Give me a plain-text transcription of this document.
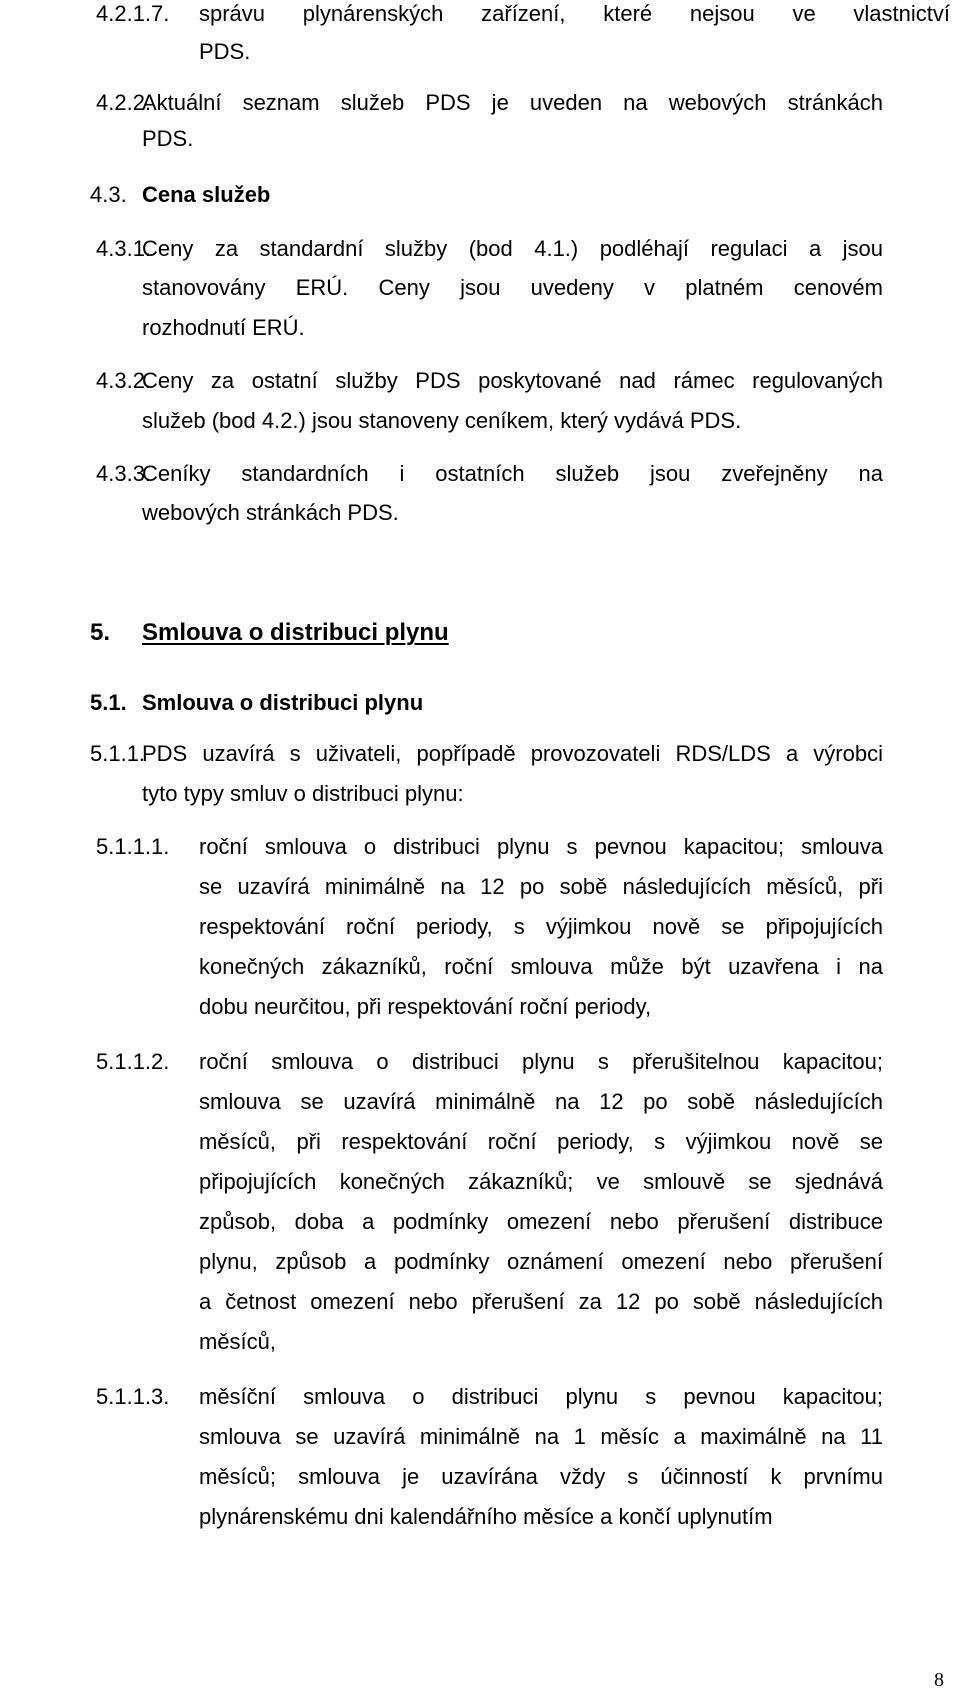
5. Smlouva o distribuci plynu
5.1. Smlouva o distribuci plynu
8
4.2.1.7. správu plynárenských zařízení, které nejsou ve vlastnictví
PDS.
4.2.2.
Aktuální seznam služeb PDS je uveden na webových stránkách
PDS.
4.3. Cena služeb
4.3.1.
Ceny za standardní služby (bod 4.1.) podléhají regulaci a jsou
stanovovány ERÚ. Ceny jsou uvedeny v platném cenovém
rozhodnutí ERÚ.
4.3.2.
Ceny za ostatní služby PDS poskytované nad rámec regulovaných
služeb (bod 4.2.) jsou stanoveny ceníkem, který vydává PDS.
4.3.3.
Ceníky standardních i ostatních služeb jsou zveřejněny na
webových stránkách PDS.
5.1.1.
PDS uzavírá s uživateli, popřípadě provozovateli RDS/LDS a výrobci
tyto typy smluv o distribuci plynu:
5.1.1.1. roční smlouva o distribuci plynu s pevnou kapacitou; smlouva
se uzavírá minimálně na 12 po sobě následujících měsíců, při
respektování roční periody, s výjimkou nově se připojujících
konečných zákazníků, roční smlouva může být uzavřena i na
dobu neurčitou, při respektování roční periody,
5.1.1.2. roční smlouva o distribuci plynu s přerušitelnou kapacitou;
smlouva se uzavírá minimálně na 12 po sobě následujících
měsíců, při respektování roční periody, s výjimkou nově se
připojujících konečných zákazníků; ve smlouvě se sjednává
způsob, doba a podmínky omezení nebo přerušení distribuce
plynu, způsob a podmínky oznámení omezení nebo přerušení
a četnost omezení nebo přerušení za 12 po sobě následujících
měsíců,
5.1.1.3. měsíční smlouva o distribuci plynu s pevnou kapacitou;
smlouva se uzavírá minimálně na 1 měsíc a maximálně na 11
měsíců; smlouva je uzavírána vždy s účinností k prvnímu
plynárenskému dni kalendářního měsíce a končí uplynutím
